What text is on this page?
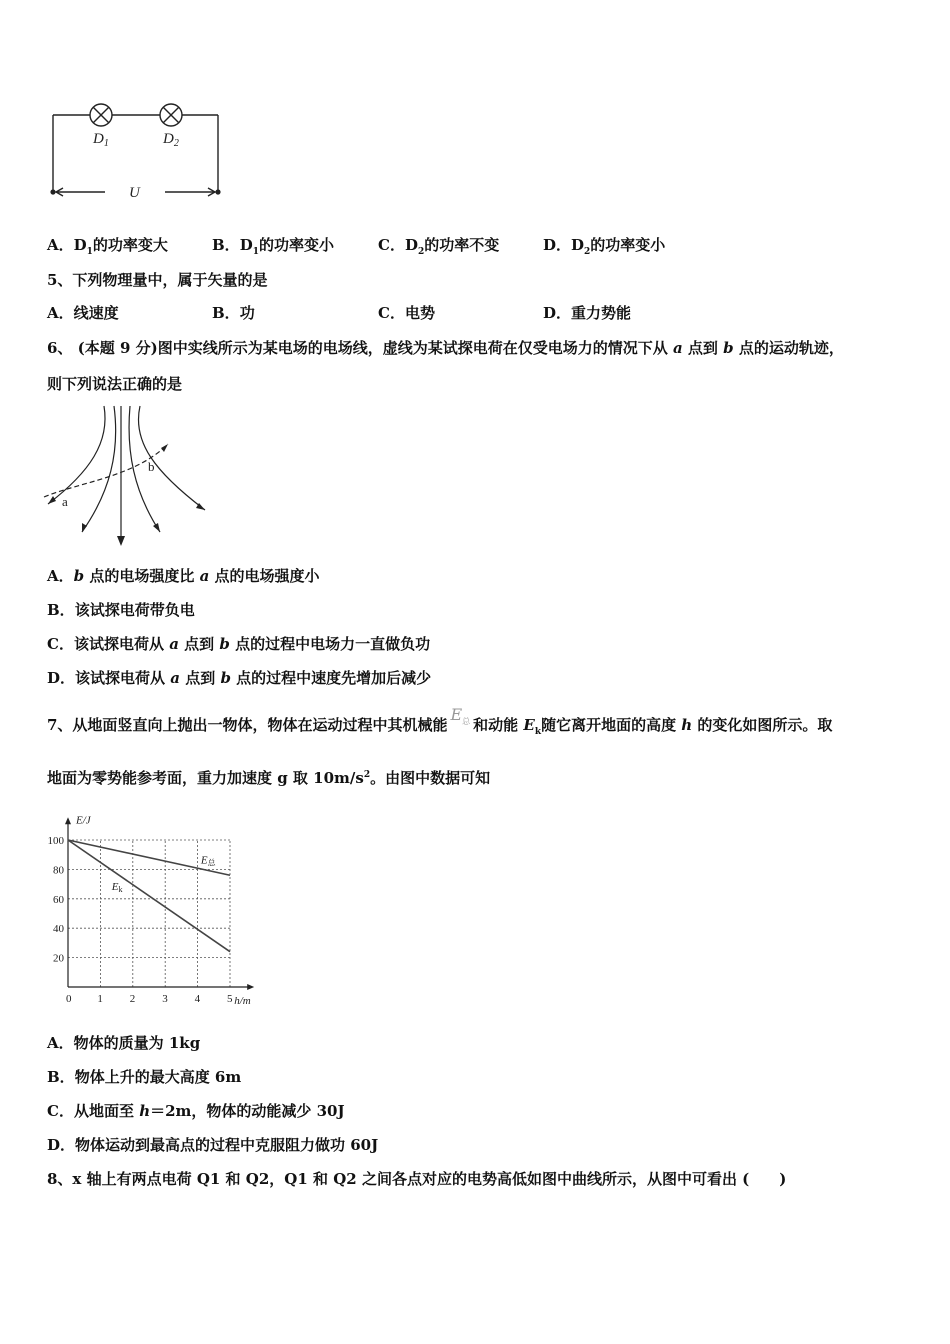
$D_1$	$D_2$
U
A．$D_1$的功率变大	B．$D_1$的功率变小	C．$D_2$的功率不变	D．$D_2$的功率变小
5、下列物理量中，属于矢量的是
A．线速度	B．功	C．电势	D．重力势能
6、 (本题 9 分)图中实线所示为某电场的电场线，虚线为某试探电荷在仅受电场力的情况下从 a 点到 b 点的运动轨迹，
则下列说法正确的是
a
b
A．b 点的电场强度比 a 点的电场强度小
B．该试探电荷带负电
C．该试探电荷从 a 点到 b 点的过程中电场力一直做负功
D．该试探电荷从 a 点到 b 点的过程中速度先增加后减少
7、从地面竖直向上抛出一物体，物体在运动过程中其机械能$E_总$ 和动能 $E_k$随它离开地面的高度 h 的变化如图所示。取
地面为零势能参考面，重力加速度 g 取 $10m/s^2$。由图中数据可知
0 1 2 3 4 5
100
80
60
40
20
E/J
h/m
E总
Ek
A．物体的质量为 1kg
B．物体上升的最大高度 6m
C．从地面至 h＝2m，物体的动能减少 30J
D．物体运动到最高点的过程中克服阻力做功 60J
8、x 轴上有两点电荷 Q1 和 Q2，Q1 和 Q2 之间各点对应的电势高低如图中曲线所示，从图中可看出 (　　)
